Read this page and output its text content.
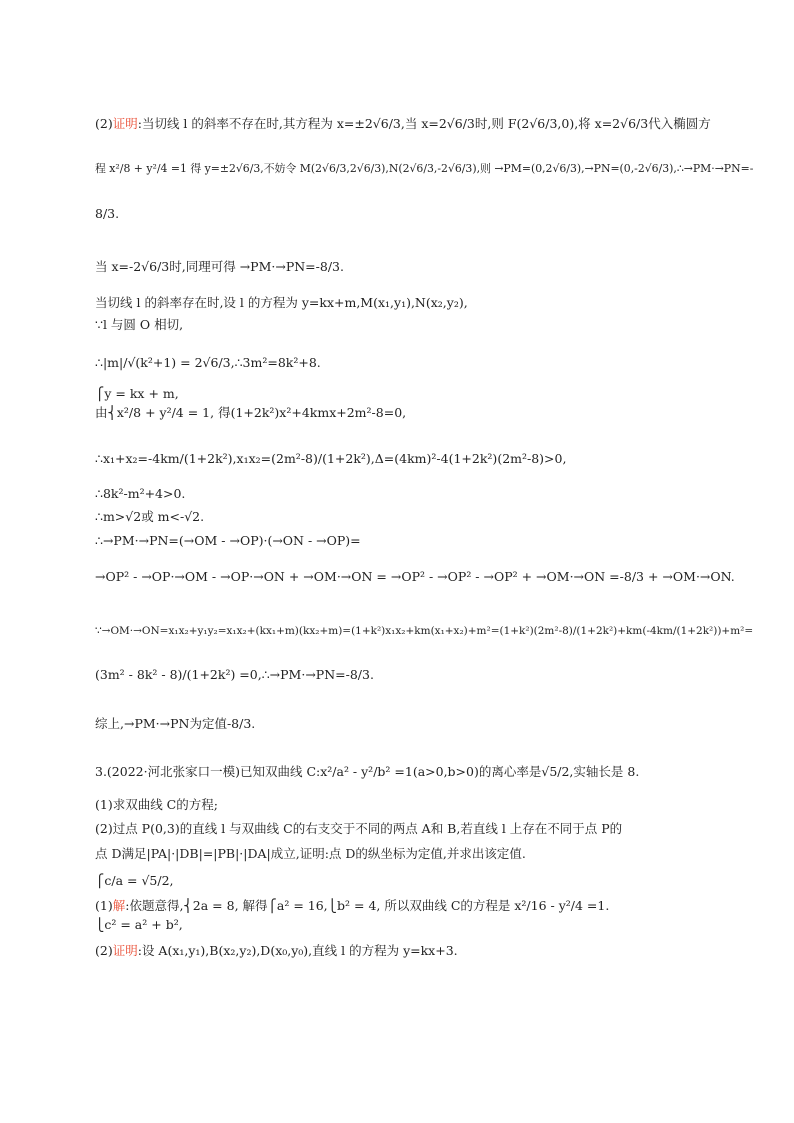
(2)证明:当切线 l 的斜率不存在时,其方程为 x=±2√6/3,当 x=2√6/3时,则 F(2√6/3,0),将 x=2√6/3代入椭圆方
程 x²/8 + y²/4 =1 得 y=±2√6/3,不妨令 M(2√6/3,2√6/3),N(2√6/3,-2√6/3),则 →PM=(0,2√6/3),→PN=(0,-2√6/3),∴→PM·→PN=-
8/3.
当 x=-2√6/3时,同理可得 →PM·→PN=-8/3.
当切线 l 的斜率存在时,设 l 的方程为 y=kx+m,M(x₁,y₁),N(x₂,y₂),
∵l 与圆 O 相切,
∴|m|/√(k²+1) = 2√6/3,∴3m²=8k²+8.
⎧y = kx + m,
由⎨x²/8 + y²/4 = 1, 得(1+2k²)x²+4kmx+2m²-8=0,
∴x₁+x₂=-4km/(1+2k²),x₁x₂=(2m²-8)/(1+2k²),Δ=(4km)²-4(1+2k²)(2m²-8)>0,
∴8k²-m²+4>0.
∴m>√2或 m<-√2.
∴→PM·→PN=(→OM - →OP)·(→ON - →OP)=
→OP² - →OP·→OM - →OP·→ON + →OM·→ON = →OP² - →OP² - →OP² + →OM·→ON =-8/3 + →OM·→ON.
∵→OM·→ON=x₁x₂+y₁y₂=x₁x₂+(kx₁+m)(kx₂+m)=(1+k²)x₁x₂+km(x₁+x₂)+m²=(1+k²)(2m²-8)/(1+2k²)+km(-4km/(1+2k²))+m²=
(3m² - 8k² - 8)/(1+2k²) =0,∴→PM·→PN=-8/3.
综上,→PM·→PN为定值-8/3.
3.(2022·河北张家口一模)已知双曲线 C:x²/a² - y²/b² =1(a>0,b>0)的离心率是√5/2,实轴长是 8.
(1)求双曲线 C的方程;
(2)过点 P(0,3)的直线 l 与双曲线 C的右支交于不同的两点 A和 B,若直线 l 上存在不同于点 P的
点 D满足|PA|·|DB|=|PB|·|DA|成立,证明:点 D的纵坐标为定值,并求出该定值.
⎧c/a = √5/2,
(1)解:依题意得,⎨2a = 8, 解得⎧a² = 16,⎩b² = 4, 所以双曲线 C的方程是 x²/16 - y²/4 =1.
⎩c² = a² + b²,
(2)证明:设 A(x₁,y₁),B(x₂,y₂),D(x₀,y₀),直线 l 的方程为 y=kx+3.
